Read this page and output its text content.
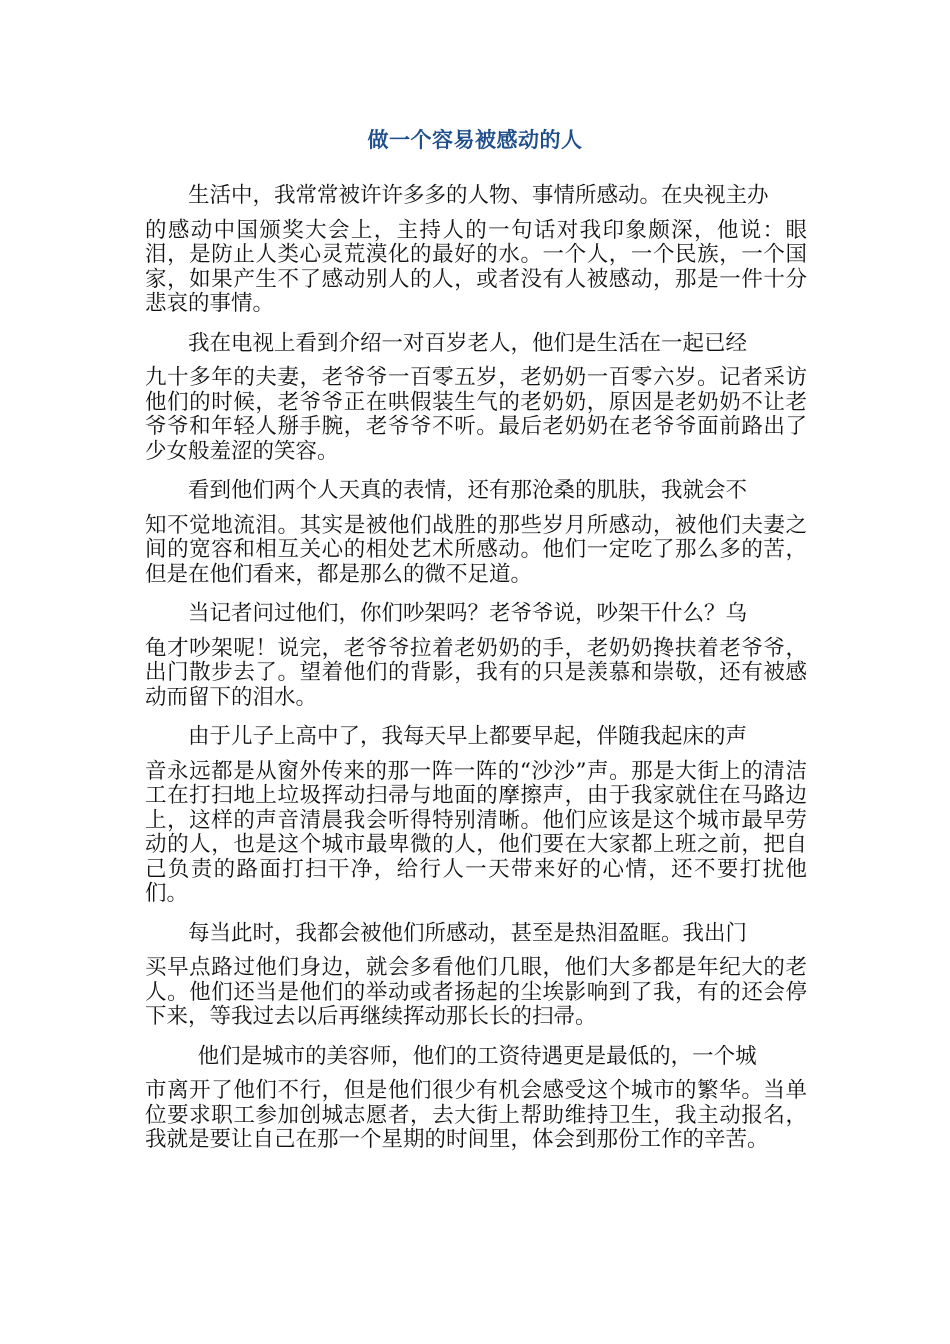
做一个容易被感动的人

生活中，我常常被许许多多的人物、事情所感动。在央视主办
的感动中国颁奖大会上，主持人的一句话对我印象颇深，他说：眼泪，是防止人类心灵荒漠化的最好的水。一个人，一个民族，一个国家，如果产生不了感动别人的人，或者没有人被感动，那是一件十分悲哀的事情。

我在电视上看到介绍一对百岁老人，他们是生活在一起已经
九十多年的夫妻，老爷爷一百零五岁，老奶奶一百零六岁。记者采访他们的时候，老爷爷正在哄假装生气的老奶奶，原因是老奶奶不让老爷爷和年轻人掰手腕，老爷爷不听。最后老奶奶在老爷爷面前路出了少女般羞涩的笑容。

看到他们两个人天真的表情，还有那沧桑的肌肤，我就会不
知不觉地流泪。其实是被他们战胜的那些岁月所感动，被他们夫妻之间的宽容和相互关心的相处艺术所感动。他们一定吃了那么多的苦，但是在他们看来，都是那么的微不足道。

当记者问过他们，你们吵架吗？老爷爷说，吵架干什么？乌
龟才吵架呢！说完，老爷爷拉着老奶奶的手，老奶奶搀扶着老爷爷，出门散步去了。望着他们的背影，我有的只是羡慕和崇敬，还有被感动而留下的泪水。

由于儿子上高中了，我每天早上都要早起，伴随我起床的声
音永远都是从窗外传来的那一阵一阵的“沙沙”声。那是大街上的清洁工在打扫地上垃圾挥动扫帚与地面的摩擦声，由于我家就住在马路边上，这样的声音清晨我会听得特别清晰。他们应该是这个城市最早劳动的人，也是这个城市最卑微的人，他们要在大家都上班之前，把自己负责的路面打扫干净，给行人一天带来好的心情，还不要打扰他们。

每当此时，我都会被他们所感动，甚至是热泪盈眶。我出门
买早点路过他们身边，就会多看他们几眼，他们大多都是年纪大的老人。他们还当是他们的举动或者扬起的尘埃影响到了我，有的还会停下来，等我过去以后再继续挥动那长长的扫帚。

他们是城市的美容师，他们的工资待遇更是最低的，一个城
市离开了他们不行，但是他们很少有机会感受这个城市的繁华。当单位要求职工参加创城志愿者，去大街上帮助维持卫生，我主动报名，我就是要让自己在那一个星期的时间里，体会到那份工作的辛苦。
